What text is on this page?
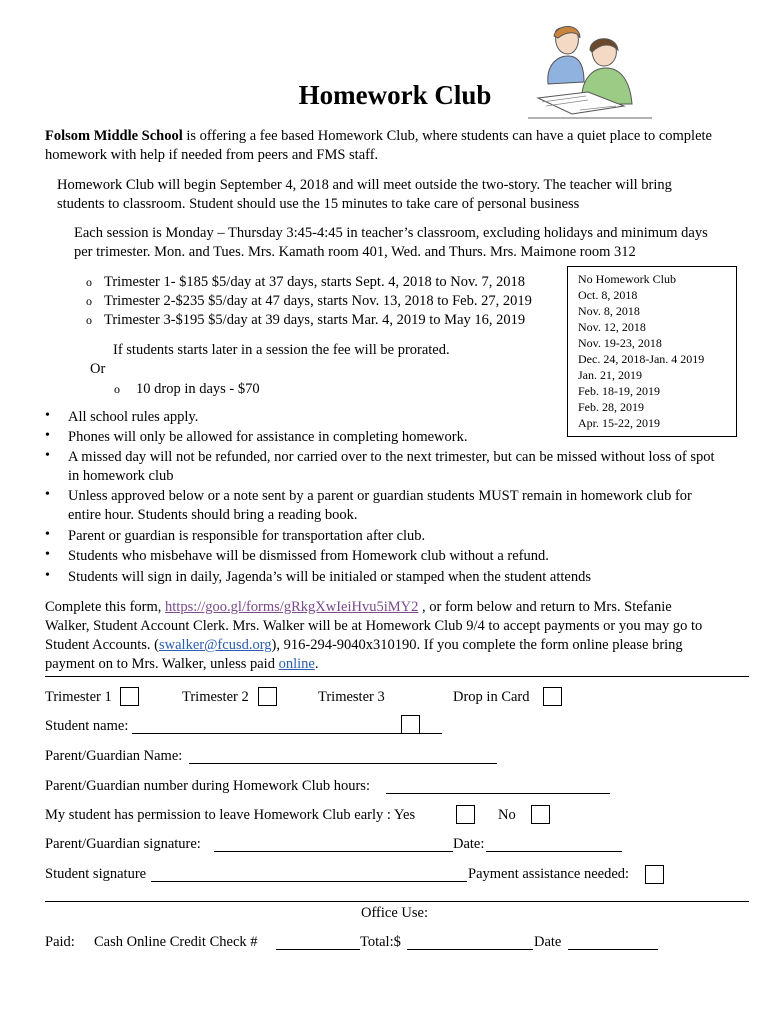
Homework Club
Folsom Middle School is offering a fee based Homework Club, where students can have a quiet place to complete
homework with help if needed from peers and FMS staff.
Homework Club will begin September 4, 2018 and will meet outside the two-story. The teacher will bring
students to classroom. Student should use the 15 minutes to take care of personal business
Each session is Monday – Thursday 3:45-4:45 in teacher’s classroom, excluding holidays and minimum days
per trimester. Mon. and Tues. Mrs. Kamath room 401, Wed. and Thurs. Mrs. Maimone room 312
o Trimester 1- $185 $5/day at 37 days, starts Sept. 4, 2018 to Nov. 7, 2018
o Trimester 2-$235 $5/day at 47 days, starts Nov. 13, 2018 to Feb. 27, 2019
o Trimester 3-$195 $5/day at 39 days, starts Mar. 4, 2019 to May 16, 2019
If students starts later in a session the fee will be prorated.
Or
o 10 drop in days - $70
No Homework Club
Oct. 8, 2018
Nov. 8, 2018
Nov. 12, 2018
Nov. 19-23, 2018
Dec. 24, 2018-Jan. 4 2019
Jan. 21, 2019
Feb. 18-19, 2019
Feb. 28, 2019
Apr. 15-22, 2019
• All school rules apply.
• Phones will only be allowed for assistance in completing homework.
• A missed day will not be refunded, nor carried over to the next trimester, but can be missed without loss of spot
in homework club
• Unless approved below or a note sent by a parent or guardian students MUST remain in homework club for
entire hour. Students should bring a reading book.
• Parent or guardian is responsible for transportation after club.
• Students who misbehave will be dismissed from Homework club without a refund.
• Students will sign in daily, Jagenda’s will be initialed or stamped when the student attends
Complete this form, https://goo.gl/forms/gRkgXwIeiHvu5iMY2 , or form below and return to Mrs. Stefanie
Walker, Student Account Clerk. Mrs. Walker will be at Homework Club 9/4 to accept payments or you may go to
Student Accounts. (swalker@fcusd.org), 916-294-9040x310190. If you complete the form online please bring
payment on to Mrs. Walker, unless paid online.
Trimester 1	Trimester 2	Trimester 3	Drop in Card
Student name:
Parent/Guardian Name:
Parent/Guardian number during Homework Club hours:
My student has permission to leave Homework Club early : Yes	No
Parent/Guardian signature:	Date:
Student signature	Payment assistance needed:
Office Use:
Paid: Cash Online Credit Check #	Total:$	Date
